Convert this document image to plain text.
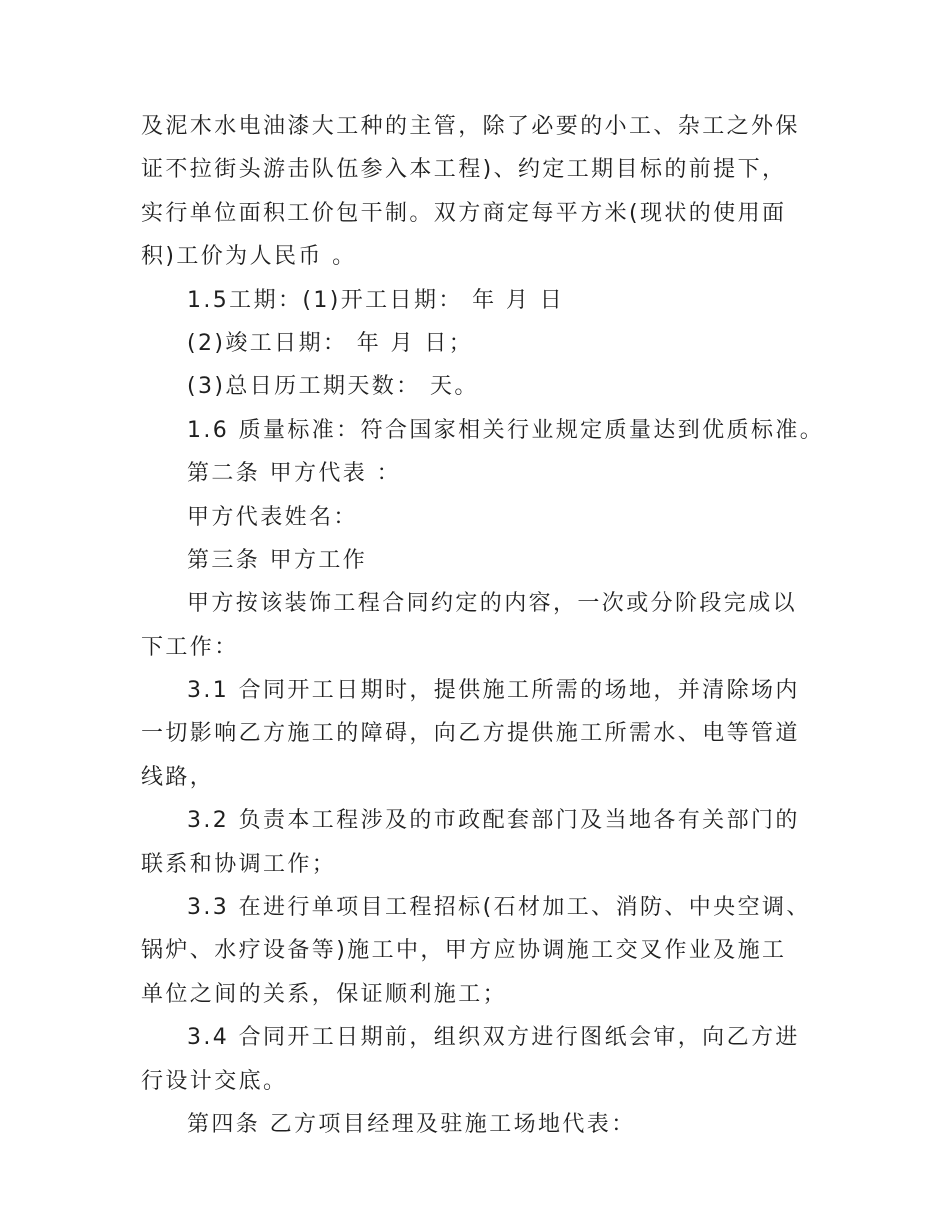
及泥木水电油漆大工种的主管，除了必要的小工、杂工之外保
证不拉街头游击队伍参入本工程)、约定工期目标的前提下，
实行单位面积工价包干制。双方商定每平方米(现状的使用面
积)工价为人民币 。
1.5工期：(1)开工日期： 年 月 日
(2)竣工日期： 年 月 日；
(3)总日历工期天数： 天。
1.6 质量标准：符合国家相关行业规定质量达到优质标准。
第二条 甲方代表 ：
甲方代表姓名：
第三条 甲方工作
甲方按该装饰工程合同约定的内容，一次或分阶段完成以
下工作：
3.1 合同开工日期时，提供施工所需的场地，并清除场内
一切影响乙方施工的障碍，向乙方提供施工所需水、电等管道
线路，
3.2 负责本工程涉及的市政配套部门及当地各有关部门的
联系和协调工作；
3.3 在进行单项目工程招标(石材加工、消防、中央空调、
锅炉、水疗设备等)施工中，甲方应协调施工交叉作业及施工
单位之间的关系，保证顺利施工；
3.4 合同开工日期前，组织双方进行图纸会审，向乙方进
行设计交底。
第四条 乙方项目经理及驻施工场地代表：
